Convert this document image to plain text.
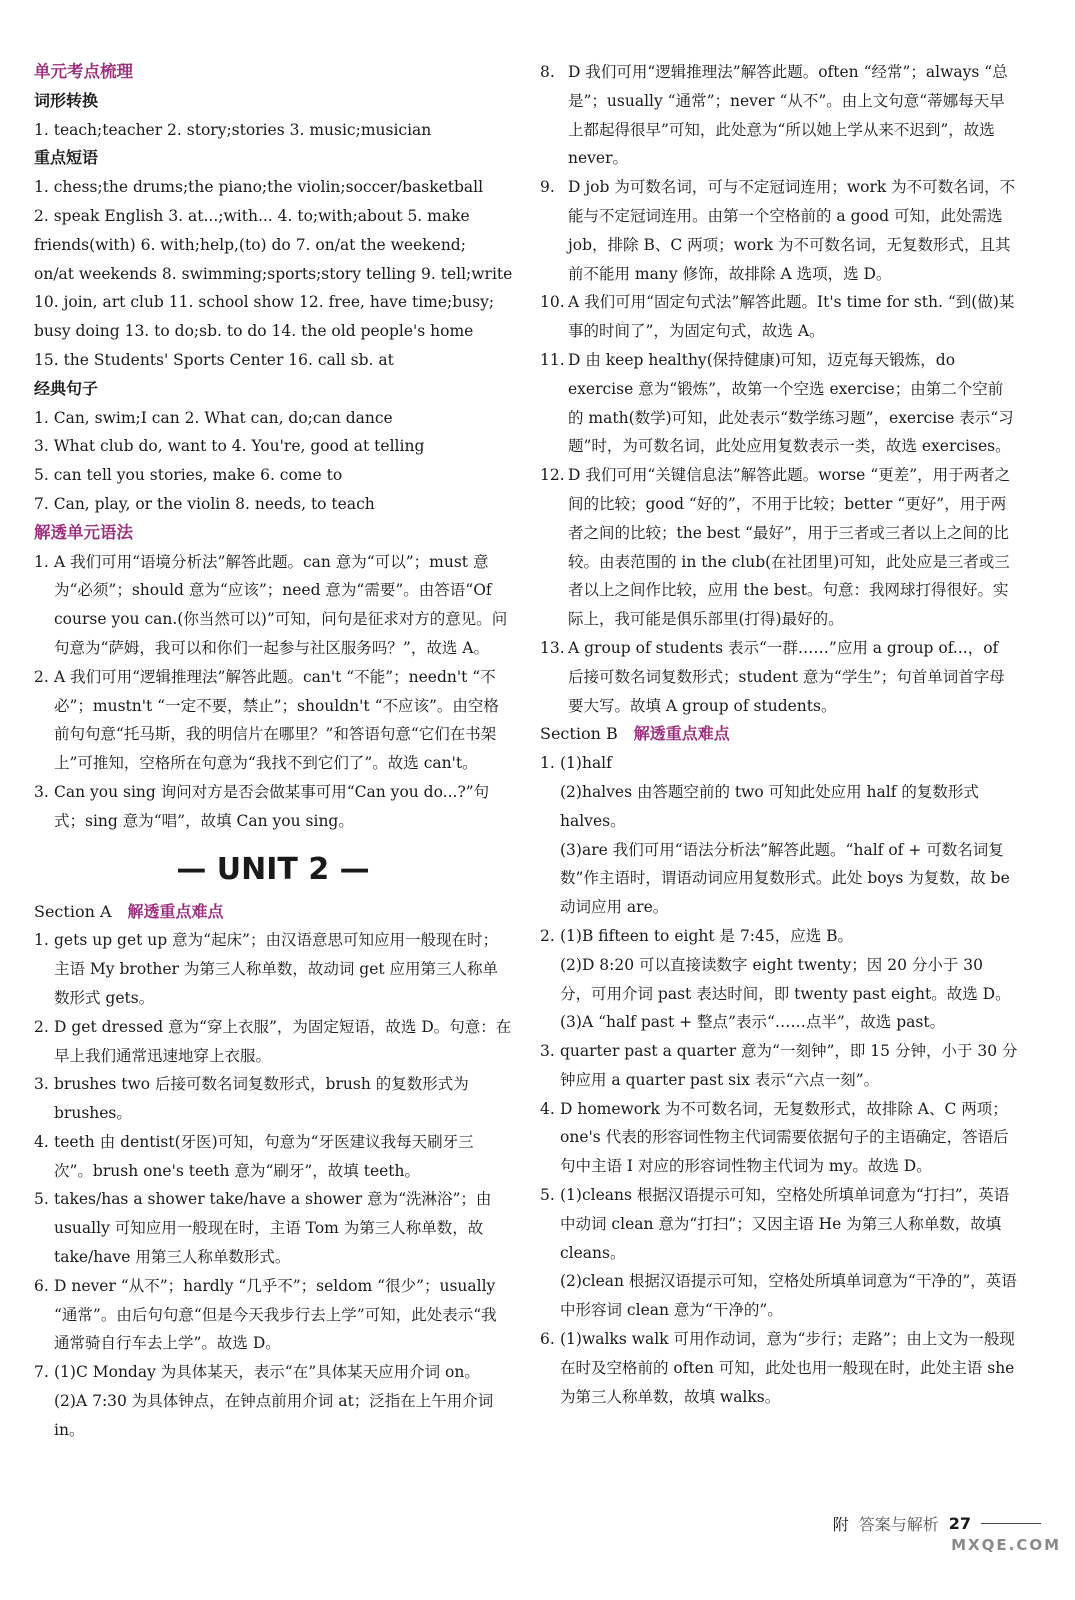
单元考点梳理
词形转换
1. teach;teacher 2. story;stories 3. music;musician
重点短语
1. chess;the drums;the piano;the violin;soccer/basketball
2. speak English 3. at...;with... 4. to;with;about 5. make
friends(with) 6. with;help,(to) do 7. on/at the weekend;
on/at weekends 8. swimming;sports;story telling 9. tell;write
10. join, art club 11. school show 12. free, have time;busy;
busy doing 13. to do;sb. to do 14. the old people's home
15. the Students' Sports Center 16. call sb. at
经典句子
1. Can, swim;I can 2. What can, do;can dance
3. What club do, want to 4. You're, good at telling
5. can tell you stories, make 6. come to
7. Can, play, or the violin 8. needs, to teach
解透单元语法
1. A 我们可用“语境分析法”解答此题。can 意为“可以”；must 意为“必须”；should 意为“应该”；need 意为“需要”。由答语“Of course you can.(你当然可以)”可知，问句是征求对方的意见。问句意为“萨姆，我可以和你们一起参与社区服务吗？”，故选 A。
2. A 我们可用“逻辑推理法”解答此题。can't “不能”；needn't “不必”；mustn't “一定不要，禁止”；shouldn't “不应该”。由空格前句句意“托马斯，我的明信片在哪里？”和答语句意“它们在书架上”可推知，空格所在句意为“我找不到它们了”。故选 can't。
3. Can you sing 询问对方是否会做某事可用“Can you do...?”句式；sing 意为“唱”，故填 Can you sing。
— UNIT 2 —
Section A 解透重点难点
1. gets up get up 意为“起床”；由汉语意思可知应用一般现在时；主语 My brother 为第三人称单数，故动词 get 应用第三人称单数形式 gets。
2. D get dressed 意为“穿上衣服”，为固定短语，故选 D。句意：在早上我们通常迅速地穿上衣服。
3. brushes two 后接可数名词复数形式，brush 的复数形式为 brushes。
4. teeth 由 dentist(牙医)可知，句意为“牙医建议我每天刷牙三次”。brush one's teeth 意为“刷牙”，故填 teeth。
5. takes/has a shower take/have a shower 意为“洗淋浴”；由 usually 可知应用一般现在时，主语 Tom 为第三人称单数，故 take/have 用第三人称单数形式。
6. D never “从不”；hardly “几乎不”；seldom “很少”；usually “通常”。由后句句意“但是今天我步行去上学”可知，此处表示“我通常骑自行车去上学”。故选 D。
7. (1)C Monday 为具体某天，表示“在”具体某天应用介词 on。
(2)A 7:30 为具体钟点，在钟点前用介词 at；泛指在上午用介词 in。
8. D 我们可用“逻辑推理法”解答此题。often “经常”；always “总是”；usually “通常”；never “从不”。由上文句意“蒂娜每天早上都起得很早”可知，此处意为“所以她上学从来不迟到”，故选 never。
9. D job 为可数名词，可与不定冠词连用；work 为不可数名词，不能与不定冠词连用。由第一个空格前的 a good 可知，此处需选 job，排除 B、C 两项；work 为不可数名词，无复数形式，且其前不能用 many 修饰，故排除 A 选项，选 D。
10. A 我们可用“固定句式法”解答此题。It's time for sth. “到(做)某事的时间了”，为固定句式，故选 A。
11. D 由 keep healthy(保持健康)可知，迈克每天锻炼，do exercise 意为“锻炼”，故第一个空选 exercise；由第二个空前的 math(数学)可知，此处表示“数学练习题”，exercise 表示“习题”时，为可数名词，此处应用复数表示一类，故选 exercises。
12. D 我们可用“关键信息法”解答此题。worse “更差”，用于两者之间的比较；good “好的”，不用于比较；better “更好”，用于两者之间的比较；the best “最好”，用于三者或三者以上之间的比较。由表范围的 in the club(在社团里)可知，此处应是三者或三者以上之间作比较，应用 the best。句意：我网球打得很好。实际上，我可能是俱乐部里(打得)最好的。
13. A group of students 表示“一群……”应用 a group of...，of 后接可数名词复数形式；student 意为“学生”；句首单词首字母要大写。故填 A group of students。
Section B 解透重点难点
1. (1)half
(2)halves 由答题空前的 two 可知此处应用 half 的复数形式 halves。
(3)are 我们可用“语法分析法”解答此题。“half of + 可数名词复数”作主语时，谓语动词应用复数形式。此处 boys 为复数，故 be 动词应用 are。
2. (1)B fifteen to eight 是 7:45，应选 B。
(2)D 8:20 可以直接读数字 eight twenty；因 20 分小于 30 分，可用介词 past 表达时间，即 twenty past eight。故选 D。
(3)A “half past + 整点”表示“……点半”，故选 past。
3. quarter past a quarter 意为“一刻钟”，即 15 分钟，小于 30 分钟应用 a quarter past six 表示“六点一刻”。
4. D homework 为不可数名词，无复数形式，故排除 A、C 两项；one's 代表的形容词性物主代词需要依据句子的主语确定，答语后句中主语 I 对应的形容词性物主代词为 my。故选 D。
5. (1)cleans 根据汉语提示可知，空格处所填单词意为“打扫”，英语中动词 clean 意为“打扫”；又因主语 He 为第三人称单数，故填 cleans。
(2)clean 根据汉语提示可知，空格处所填单词意为“干净的”，英语中形容词 clean 意为“干净的”。
6. (1)walks walk 可用作动词，意为“步行；走路”；由上文为一般现在时及空格前的 often 可知，此处也用一般现在时，此处主语 she 为第三人称单数，故填 walks。
附 答案与解析 27
MXQE.COM
